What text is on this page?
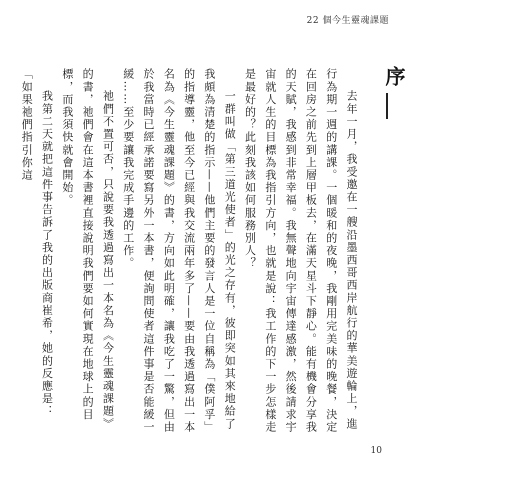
22 個今生靈魂課題
序

去年一月，我受邀在一艘沿墨西哥西岸航行的華美遊輪上，進行為期一週的講課。一個暖和的夜晚，我剛用完美味的晚餐，決定在回房之前先到上層甲板去，在滿天星斗下靜心。能有機會分享我的天賦，我感到非常幸福。我無聲地向宇宙傳達感激，然後請求宇宙就人生的目標為我指引方向，也就是說：我工作的下一步怎樣走是最好的？此刻我該如何服務別人？

一群叫做「第三道光使者」的光之存有，彼即突如其來地給了我頗為清楚的指示——他們主要的發言人是一位自稱為「僕阿孚」的指導靈，他至今已經與我交流兩年多了——要由我透過寫出一本名為《今生靈魂課題》的書，方向如此明確，讓我吃了一驚，但由於我當時已經承諾要寫另外一本書，便詢問使者這件事是否能緩一緩……至少要讓我完成手邊的工作。

祂們不置可否，只說要我透過寫出一本名為《今生靈魂課題》的書，祂們會在這本書裡直接說明我們要如何實現在地球上的目標，而我須快就會開始。

我第二天就把這件事告訴了我的出版商崔希，她的反應是：「如果祂們指引你這

10
